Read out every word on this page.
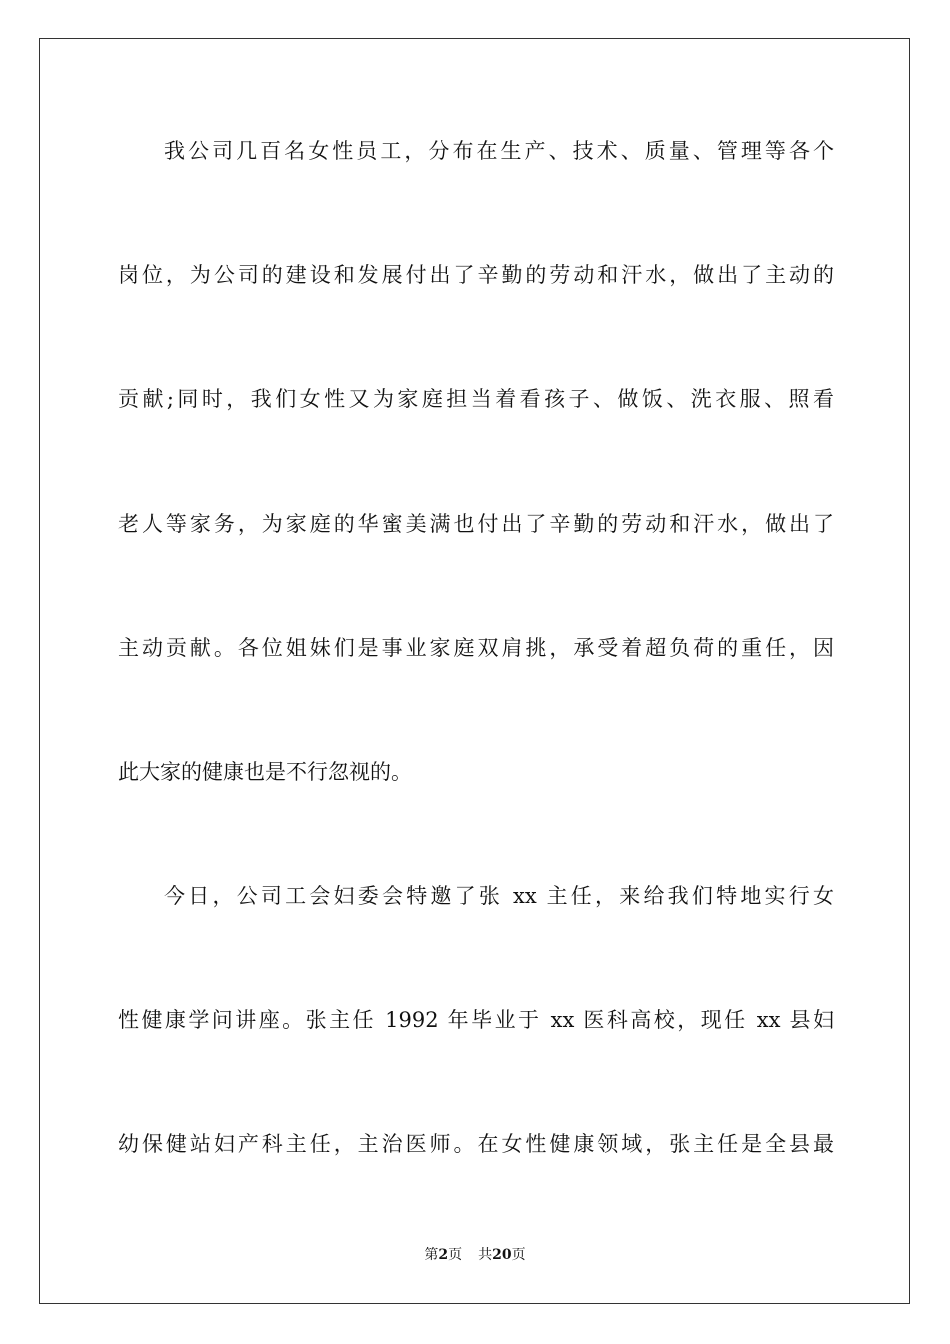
我公司几百名女性员工，分布在生产、技术、质量、管理等各个
岗位，为公司的建设和发展付出了辛勤的劳动和汗水，做出了主动的
贡献;同时，我们女性又为家庭担当着看孩子、做饭、洗衣服、照看
老人等家务，为家庭的华蜜美满也付出了辛勤的劳动和汗水，做出了
主动贡献。各位姐妹们是事业家庭双肩挑，承受着超负荷的重任，因
此大家的健康也是不行忽视的。
今日，公司工会妇委会特邀了张 xx 主任，来给我们特地实行女
性健康学问讲座。张主任 1992 年毕业于 xx 医科高校，现任 xx 县妇
幼保健站妇产科主任，主治医师。在女性健康领域，张主任是全县最
第2页 共20页
